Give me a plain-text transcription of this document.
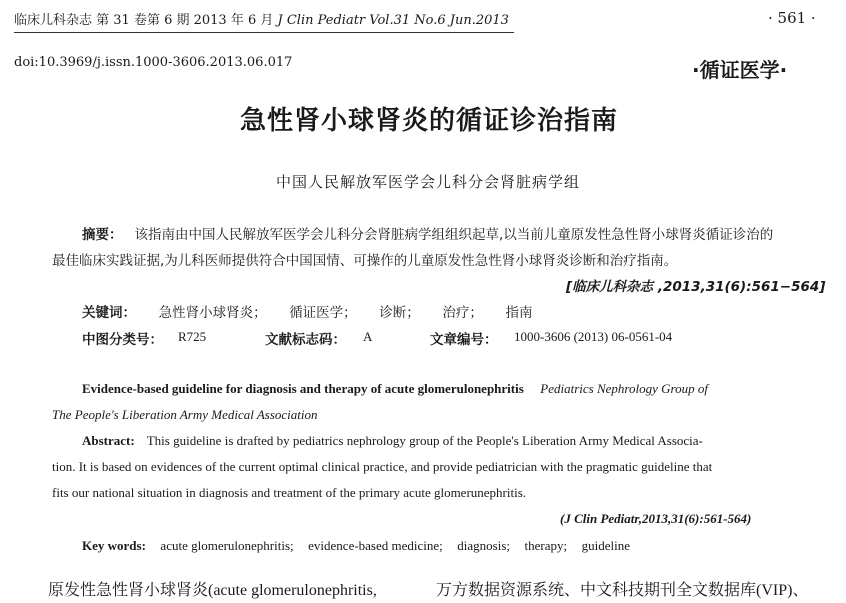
临床儿科杂志 第 31 卷第 6 期 2013 年 6 月 J Clin Pediatr Vol.31 No.6 Jun.2013	· 561 ·
doi:10.3969/j.issn.1000-3606.2013.06.017	·循证医学·
急性肾小球肾炎的循证诊治指南
中国人民解放军医学会儿科分会肾脏病学组
摘要： 该指南由中国人民解放军医学会儿科分会肾脏病学组组织起草,以当前儿童原发性急性肾小球肾炎循证诊治的
最佳临床实践证据,为儿科医师提供符合中国国情、可操作的儿童原发性急性肾小球肾炎诊断和治疗指南。
[临床儿科杂志 ,2013,31(6):561−564]
关键词： 急性肾小球肾炎； 循证医学； 诊断； 治疗； 指南
中图分类号： R725	文献标志码： A	文章编号： 1000-3606 (2013) 06-0561-04
Evidence-based guideline for diagnosis and therapy of acute glomerulonephritis Pediatrics Nephrology Group of
The People's Liberation Army Medical Association
Abstract: This guideline is drafted by pediatrics nephrology group of the People's Liberation Army Medical Associa-
tion. It is based on evidences of the current optimal clinical practice, and provide pediatrician with the pragmatic guideline that
fits our national situation in diagnosis and treatment of the primary acute glomerunephritis.
(J Clin Pediatr,2013,31(6):561-564)
Key words: acute glomerulonephritis; evidence-based medicine; diagnosis; therapy; guideline
原发性急性肾小球肾炎(acute glomerulonephritis,	万方数据资源系统、中文科技期刊全文数据库(VIP)、
